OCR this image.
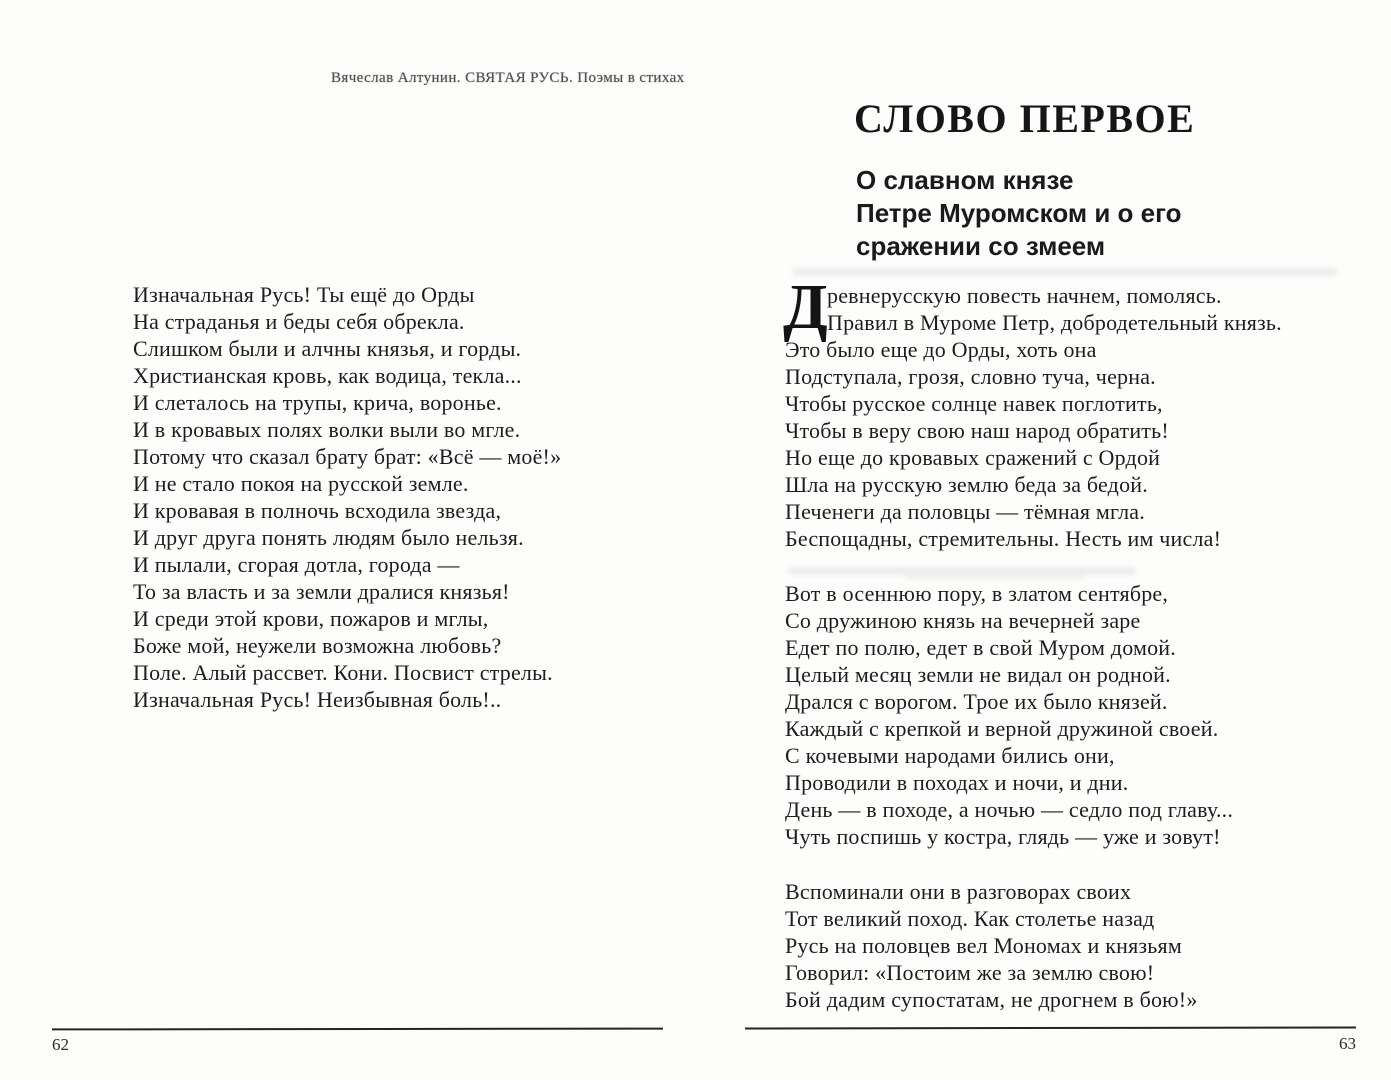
Вячеслав Алтунин. СВЯТАЯ РУСЬ. Поэмы в стихах
Изначальная Русь! Ты ещё до Орды
На страданья и беды себя обрекла.
Слишком были и алчны князья, и горды.
Христианская кровь, как водица, текла...
И слеталось на трупы, крича, воронье.
И в кровавых полях волки выли во мгле.
Потому что сказал брату брат: «Всё — моё!»
И не стало покоя на русской земле.
И кровавая в полночь всходила звезда,
И друг друга понять людям было нельзя.
И пылали, сгорая дотла, города —
То за власть и за земли дралися князья!
И среди этой крови, пожаров и мглы,
Боже мой, неужели возможна любовь?
Поле. Алый рассвет. Кони. Посвист стрелы.
Изначальная Русь! Неизбывная боль!..
62
СЛОВО ПЕРВОЕ
О славном князе
Петре Муромском и о его
сражении со змеем
Д ревнерусскую повесть начнем, помолясь.
Правил в Муроме Петр, добродетельный князь.
Это было еще до Орды, хоть она
Подступала, грозя, словно туча, черна.
Чтобы русское солнце навек поглотить,
Чтобы в веру свою наш народ обратить!
Но еще до кровавых сражений с Ордой
Шла на русскую землю беда за бедой.
Печенеги да половцы — тёмная мгла.
Беспощадны, стремительны. Несть им числа!
Вот в осеннюю пору, в златом сентябре,
Со дружиною князь на вечерней заре
Едет по полю, едет в свой Муром домой.
Целый месяц земли не видал он родной.
Дрался с ворогом. Трое их было князей.
Каждый с крепкой и верной дружиной своей.
С кочевыми народами бились они,
Проводили в походах и ночи, и дни.
День — в походе, а ночью — седло под главу...
Чуть поспишь у костра, глядь — уже и зовут!
Вспоминали они в разговорах своих
Тот великий поход. Как столетье назад
Русь на половцев вел Мономах и князьям
Говорил: «Постоим же за землю свою!
Бой дадим супостатам, не дрогнем в бою!»
63
